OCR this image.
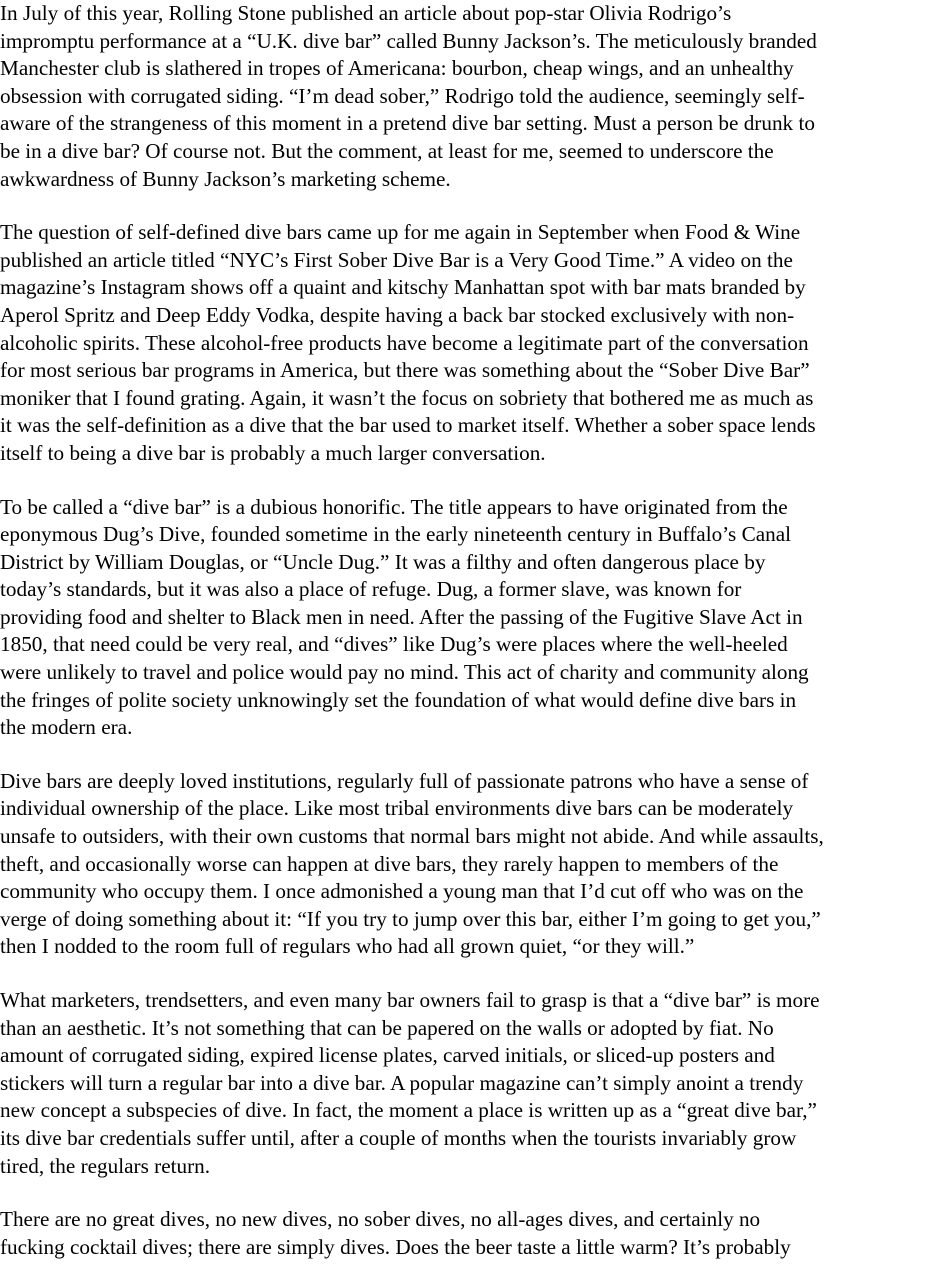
In July of this year, Rolling Stone published an article about pop-star Olivia Rodrigo’s
impromptu performance at a “U.K. dive bar” called Bunny Jackson’s. The meticulously branded
Manchester club is slathered in tropes of Americana: bourbon, cheap wings, and an unhealthy
obsession with corrugated siding. “I’m dead sober,” Rodrigo told the audience, seemingly self-
aware of the strangeness of this moment in a pretend dive bar setting. Must a person be drunk to
be in a dive bar? Of course not. But the comment, at least for me, seemed to underscore the
awkwardness of Bunny Jackson’s marketing scheme.

The question of self-defined dive bars came up for me again in September when Food & Wine
published an article titled “NYC’s First Sober Dive Bar is a Very Good Time.” A video on the
magazine’s Instagram shows off a quaint and kitschy Manhattan spot with bar mats branded by
Aperol Spritz and Deep Eddy Vodka, despite having a back bar stocked exclusively with non-
alcoholic spirits. These alcohol-free products have become a legitimate part of the conversation
for most serious bar programs in America, but there was something about the “Sober Dive Bar”
moniker that I found grating. Again, it wasn’t the focus on sobriety that bothered me as much as
it was the self-definition as a dive that the bar used to market itself. Whether a sober space lends
itself to being a dive bar is probably a much larger conversation.

To be called a “dive bar” is a dubious honorific. The title appears to have originated from the
eponymous Dug’s Dive, founded sometime in the early nineteenth century in Buffalo’s Canal
District by William Douglas, or “Uncle Dug.” It was a filthy and often dangerous place by
today’s standards, but it was also a place of refuge. Dug, a former slave, was known for
providing food and shelter to Black men in need. After the passing of the Fugitive Slave Act in
1850, that need could be very real, and “dives” like Dug’s were places where the well-heeled
were unlikely to travel and police would pay no mind. This act of charity and community along
the fringes of polite society unknowingly set the foundation of what would define dive bars in
the modern era.

Dive bars are deeply loved institutions, regularly full of passionate patrons who have a sense of
individual ownership of the place. Like most tribal environments dive bars can be moderately
unsafe to outsiders, with their own customs that normal bars might not abide. And while assaults,
theft, and occasionally worse can happen at dive bars, they rarely happen to members of the
community who occupy them. I once admonished a young man that I’d cut off who was on the
verge of doing something about it: “If you try to jump over this bar, either I’m going to get you,”
then I nodded to the room full of regulars who had all grown quiet, “or they will.”

What marketers, trendsetters, and even many bar owners fail to grasp is that a “dive bar” is more
than an aesthetic. It’s not something that can be papered on the walls or adopted by fiat. No
amount of corrugated siding, expired license plates, carved initials, or sliced-up posters and
stickers will turn a regular bar into a dive bar. A popular magazine can’t simply anoint a trendy
new concept a subspecies of dive. In fact, the moment a place is written up as a “great dive bar,”
its dive bar credentials suffer until, after a couple of months when the tourists invariably grow
tired, the regulars return.

There are no great dives, no new dives, no sober dives, no all-ages dives, and certainly no
fucking cocktail dives; there are simply dives. Does the beer taste a little warm? It’s probably
